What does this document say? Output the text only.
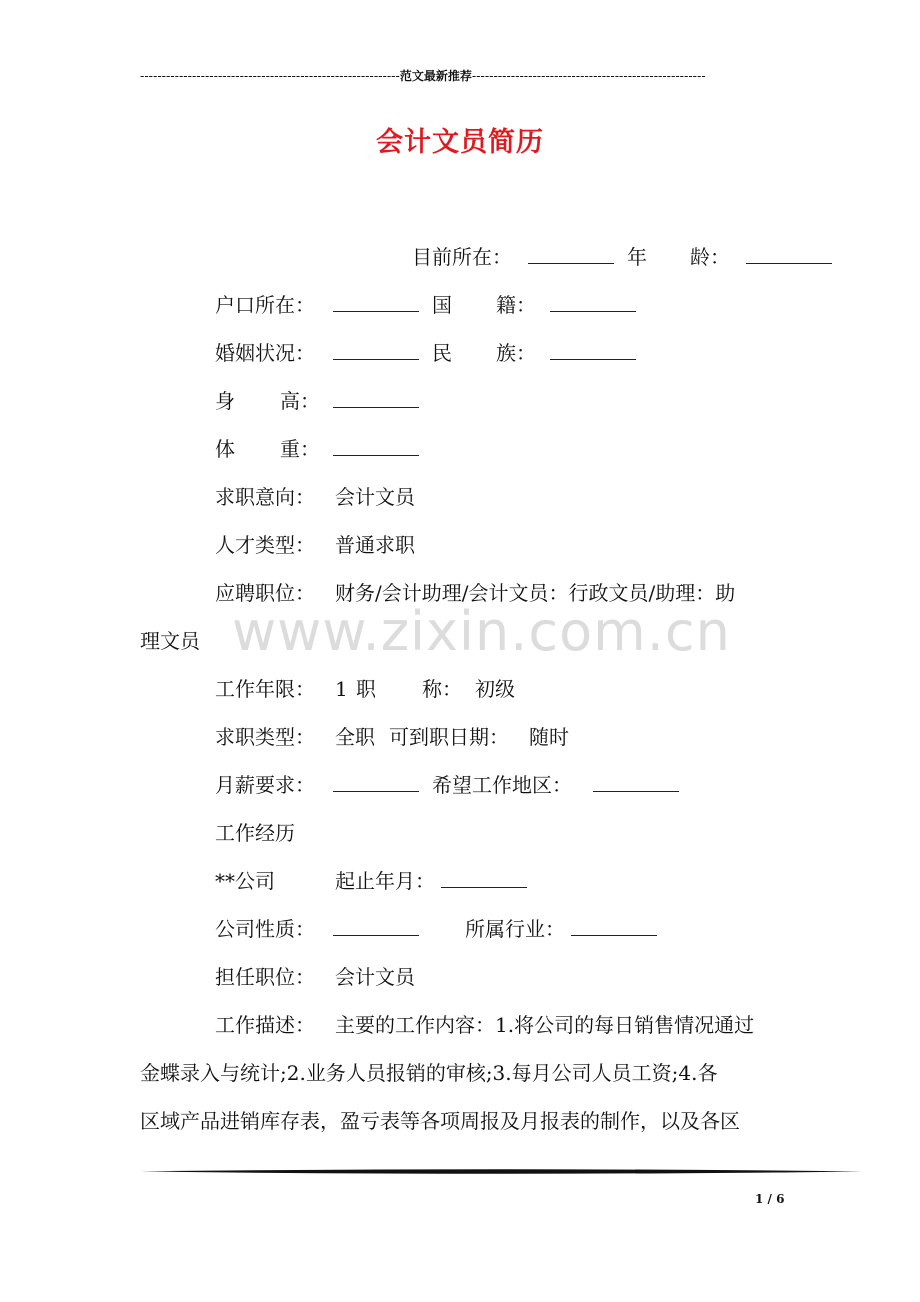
------------------------------------------------------------范文最新推荐------------------------------------------------------
会计文员简历
www.zixin.com.cn
目前所在：	年 龄：
户口所在：	国 籍：
婚姻状况：	民 族：
身 高：
体 重：
求职意向： 会计文员
人才类型： 普通求职
应聘职位： 财务/会计助理/会计文员：行政文员/助理：助
理文员
工作年限： 1 职 称： 初级
求职类型： 全职 可到职日期： 随时
月薪要求：	希望工作地区：
工作经历
**公司	起止年月：
公司性质：	所属行业：
担任职位： 会计文员
工作描述： 主要的工作内容：1.将公司的每日销售情况通过
金蝶录入与统计;2.业务人员报销的审核;3.每月公司人员工资;4.各
区域产品进销库存表，盈亏表等各项周报及月报表的制作，以及各区
1 / 6
